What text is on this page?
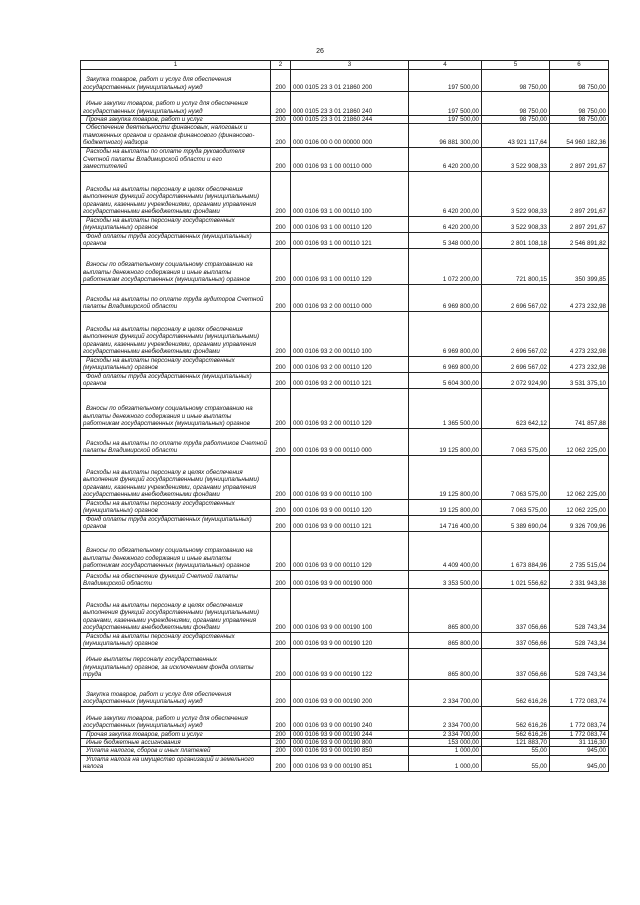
26
1	2	3	4	5	6

Закупка товаров, работ и услуг для обеспечения государственных (муниципальных) нужд	200	000 0105 23 3 01 21860 200	197 500,00	98 750,00	98 750,00

Иные закупки товаров, работ и услуг для обеспечения государственных (муниципальных) нужд	200	000 0105 23 3 01 21860 240	197 500,00	98 750,00	98 750,00

Прочая закупка товаров, работ и услуг	200	000 0105 23 3 01 21860 244	197 500,00	98 750,00	98 750,00

Обеспечение деятельности финансовых, налоговых и таможенных органов и органов финансового (финансово-бюджетного) надзора	200	000 0106 00 0 00 00000 000	96 881 300,00	43 921 117,64	54 960 182,36

Расходы на выплаты по оплате труда руководителя Счетной палаты Владимирской области и его заместителей	200	000 0106 93 1 00 00110 000	6 420 200,00	3 522 908,33	2 897 291,67

Расходы на выплаты персоналу в целях обеспечения выполнения функций государственными (муниципальными) органами, казенными учреждениями, органами управления государственными внебюджетными фондами	200	000 0106 93 1 00 00110 100	6 420 200,00	3 522 908,33	2 897 291,67

Расходы на выплаты персоналу государственных (муниципальных) органов	200	000 0106 93 1 00 00110 120	6 420 200,00	3 522 908,33	2 897 291,67

Фонд оплаты труда государственных (муниципальных) органов	200	000 0106 93 1 00 00110 121	5 348 000,00	2 801 108,18	2 546 891,82

Взносы по обязательному социальному страхованию на выплаты денежного содержания и иные выплаты работникам государственных (муниципальных) органов	200	000 0106 93 1 00 00110 129	1 072 200,00	721 800,15	350 399,85

Расходы на выплаты по оплате труда аудиторов Счетной палаты Владимирской области	200	000 0106 93 2 00 00110 000	6 969 800,00	2 696 567,02	4 273 232,98

Расходы на выплаты персоналу в целях обеспечения выполнения функций государственными (муниципальными) органами, казенными учреждениями, органами управления государственными внебюджетными фондами	200	000 0106 93 2 00 00110 100	6 969 800,00	2 696 567,02	4 273 232,98

Расходы на выплаты персоналу государственных (муниципальных) органов	200	000 0106 93 2 00 00110 120	6 969 800,00	2 696 567,02	4 273 232,98

Фонд оплаты труда государственных (муниципальных) органов	200	000 0106 93 2 00 00110 121	5 604 300,00	2 072 924,90	3 531 375,10

Взносы по обязательному социальному страхованию на выплаты денежного содержания и иные выплаты работникам государственных (муниципальных) органов	200	000 0106 93 2 00 00110 129	1 365 500,00	623 642,12	741 857,88

Расходы на выплаты по оплате труда работников Счетной палаты Владимирской области	200	000 0106 93 9 00 00110 000	19 125 800,00	7 063 575,00	12 062 225,00

Расходы на выплаты персоналу в целях обеспечения выполнения функций государственными (муниципальными) органами, казенными учреждениями, органами управления государственными внебюджетными фондами	200	000 0106 93 9 00 00110 100	19 125 800,00	7 063 575,00	12 062 225,00

Расходы на выплаты персоналу государственных (муниципальных) органов	200	000 0106 93 9 00 00110 120	19 125 800,00	7 063 575,00	12 062 225,00

Фонд оплаты труда государственных (муниципальных) органов	200	000 0106 93 9 00 00110 121	14 716 400,00	5 389 690,04	9 326 709,96

Взносы по обязательному социальному страхованию на выплаты денежного содержания и иные выплаты работникам государственных (муниципальных) органов	200	000 0106 93 9 00 00110 129	4 409 400,00	1 673 884,96	2 735 515,04

Расходы на обеспечение функций Счетной палаты Владимирской области	200	000 0106 93 9 00 00190 000	3 353 500,00	1 021 556,62	2 331 943,38

Расходы на выплаты персоналу в целях обеспечения выполнения функций государственными (муниципальными) органами, казенными учреждениями, органами управления государственными внебюджетными фондами	200	000 0106 93 9 00 00190 100	865 800,00	337 056,66	528 743,34

Расходы на выплаты персоналу государственных (муниципальных) органов	200	000 0106 93 9 00 00190 120	865 800,00	337 056,66	528 743,34

Иные выплаты персоналу государственных (муниципальных) органов, за исключением фонда оплаты труда	200	000 0106 93 9 00 00190 122	865 800,00	337 056,66	528 743,34

Закупка товаров, работ и услуг для обеспечения государственных (муниципальных) нужд	200	000 0106 93 9 00 00190 200	2 334 700,00	562 616,26	1 772 083,74

Иные закупки товаров, работ и услуг для обеспечения государственных (муниципальных) нужд	200	000 0106 93 9 00 00190 240	2 334 700,00	562 616,26	1 772 083,74

Прочая закупка товаров, работ и услуг	200	000 0106 93 9 00 00190 244	2 334 700,00	562 616,26	1 772 083,74

Иные бюджетные ассигнования	200	000 0106 93 9 00 00190 800	153 000,00	121 883,70	31 116,30

Уплата налогов, сборов и иных платежей	200	000 0106 93 9 00 00190 850	1 000,00	55,00	945,00

Уплата налога на имущество организаций и земельного налога	200	000 0106 93 9 00 00190 851	1 000,00	55,00	945,00
